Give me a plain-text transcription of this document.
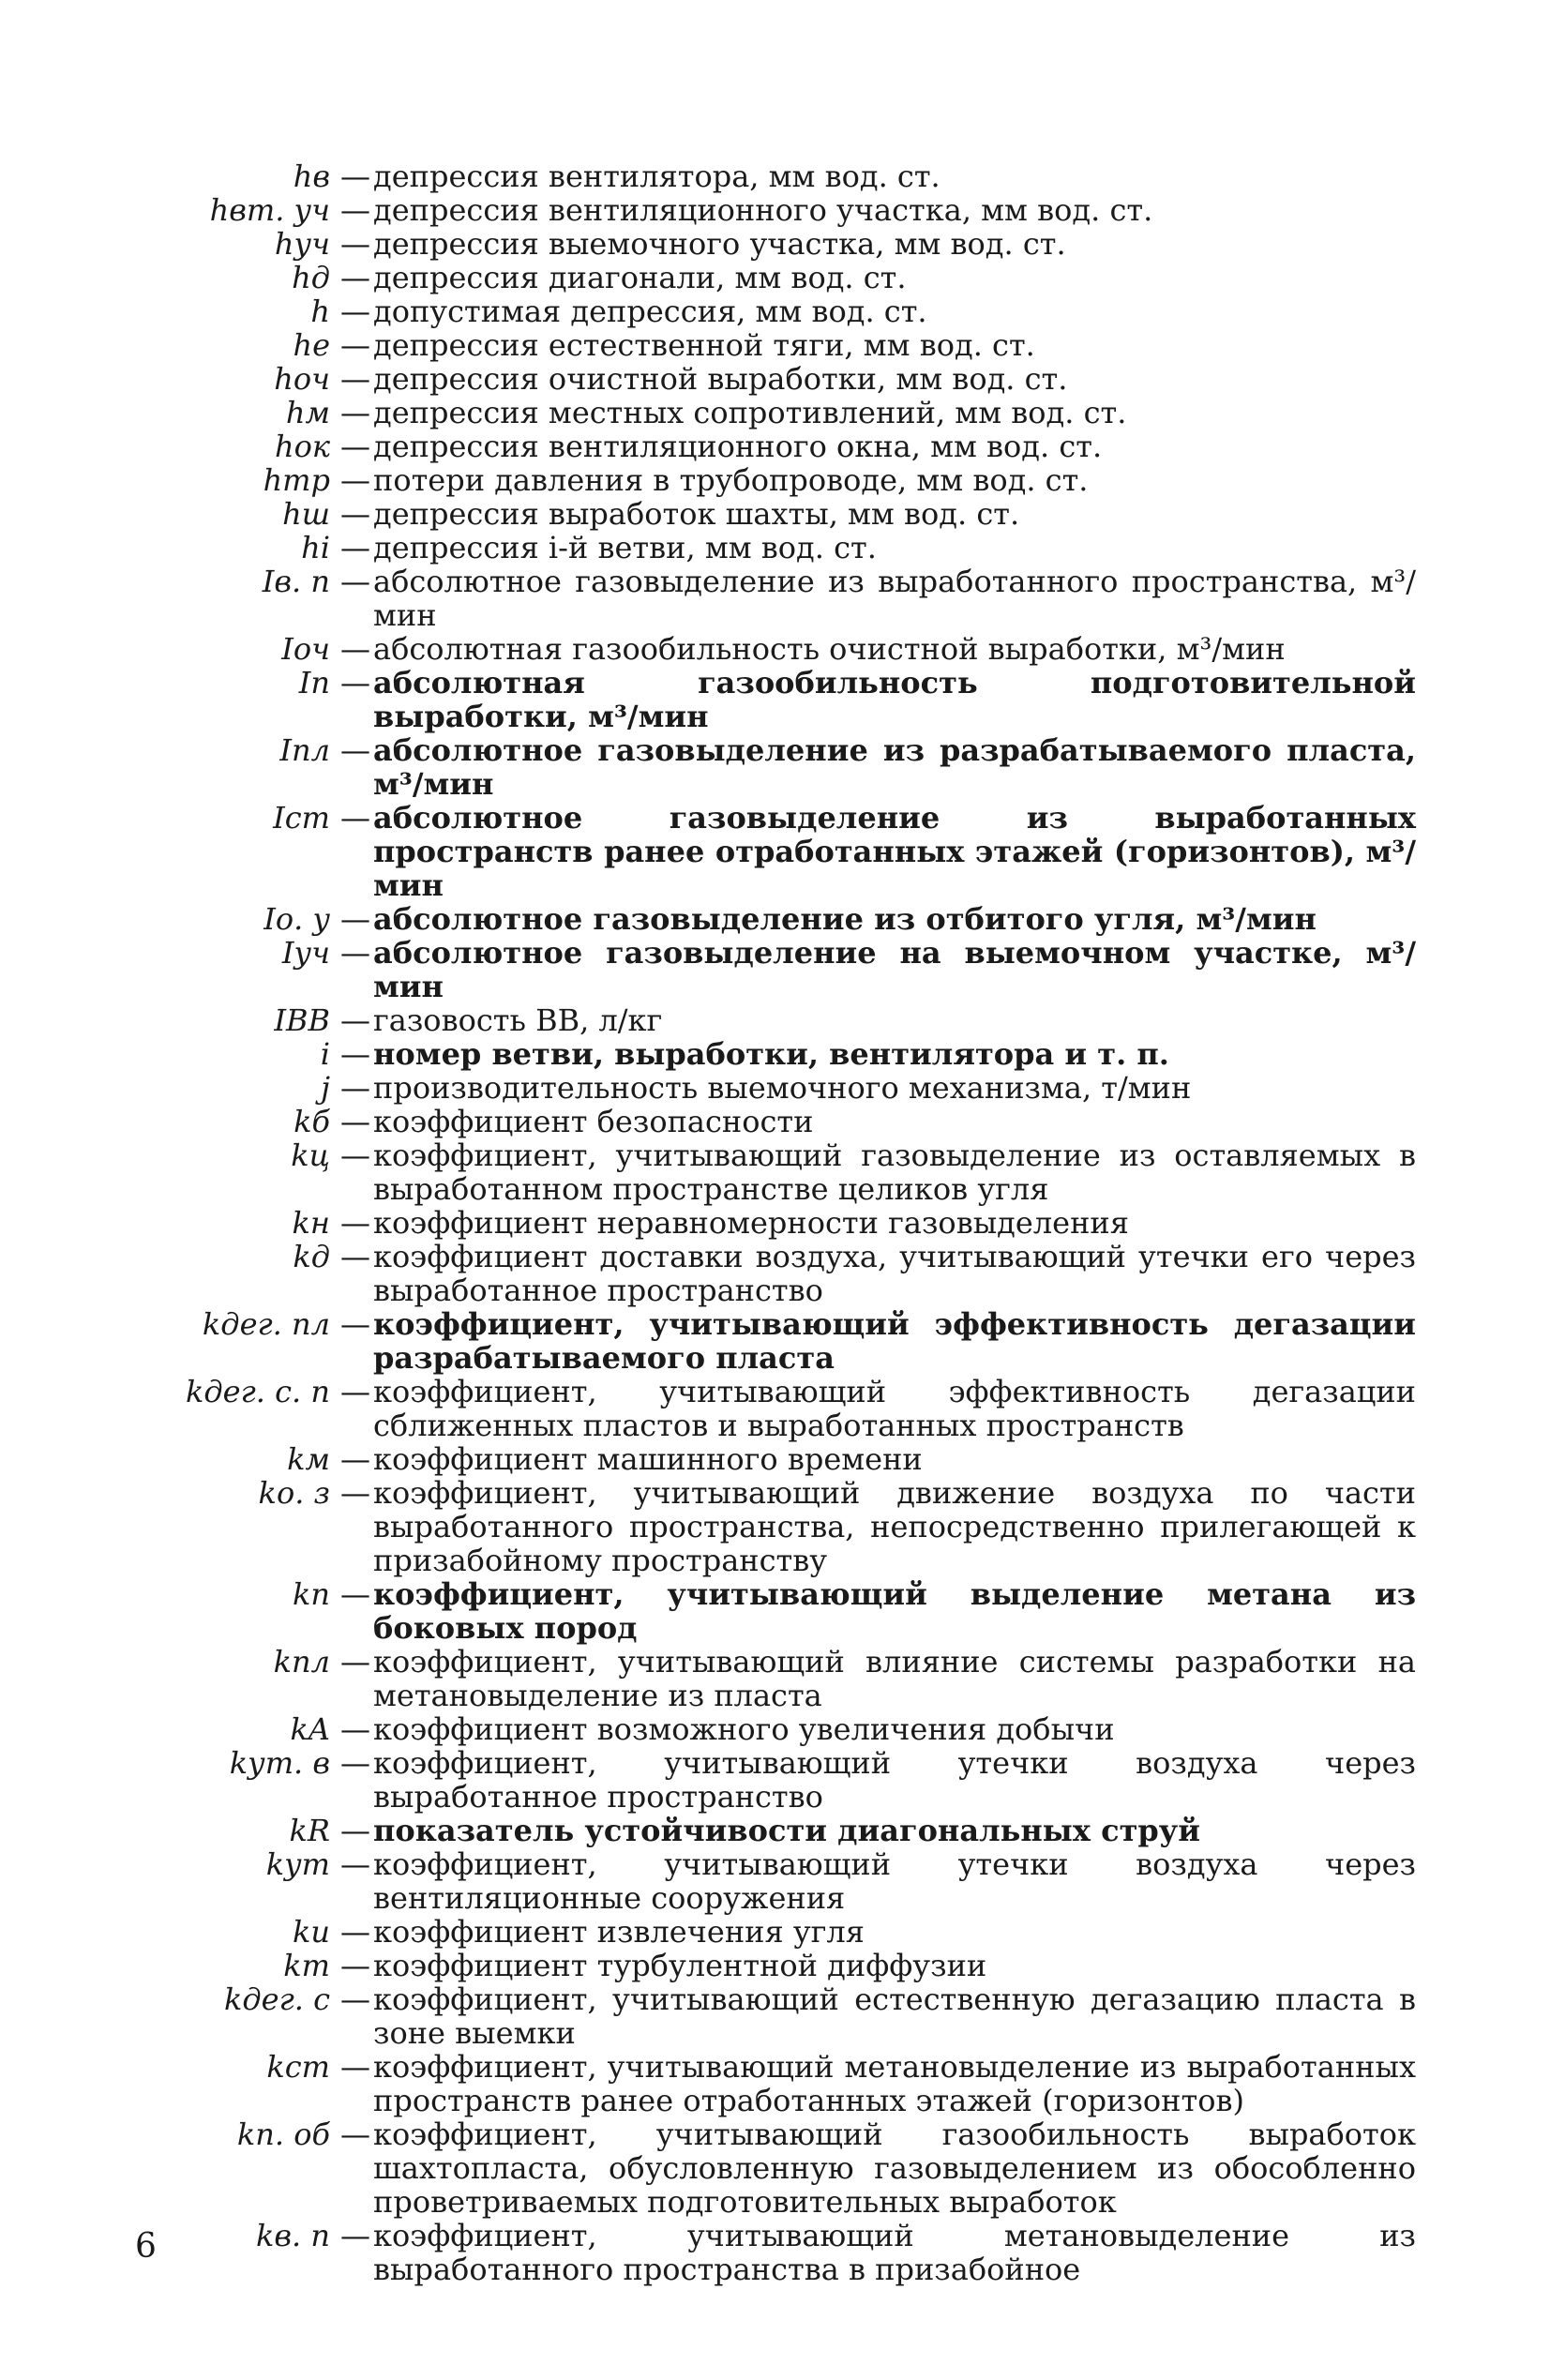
hв — депрессия вентилятора, мм вод. ст.
hвт. уч — депрессия вентиляционного участка, мм вод. ст.
hуч — депрессия выемочного участка, мм вод. ст.
hд — депрессия диагонали, мм вод. ст.
h — допустимая депрессия, мм вод. ст.
hе — депрессия естественной тяги, мм вод. ст.
hоч — депрессия очистной выработки, мм вод. ст.
hм — депрессия местных сопротивлений, мм вод. ст.
hок — депрессия вентиляционного окна, мм вод. ст.
hтр — потери давления в трубопроводе, мм вод. ст.
hш — депрессия выработок шахты, мм вод. ст.
hi — депрессия i-й ветви, мм вод. ст.
Iв. п — абсолютное газовыделение из выработанного пространства, м³/мин
Iоч — абсолютная газообильность очистной выработки, м³/мин
Iп — абсолютная газообильность подготовительной выработки, м³/мин
Iпл — абсолютное газовыделение из разрабатываемого пласта, м³/мин
Iст — абсолютное газовыделение из выработанных пространств ранее отработанных этажей (горизонтов), м³/мин
Iо. у — абсолютное газовыделение из отбитого угля, м³/мин
Iуч — абсолютное газовыделение на выемочном участке, м³/мин
IВВ — газовость ВВ, л/кг
i — номер ветви, выработки, вентилятора и т. п.
j — производительность выемочного механизма, т/мин
kб — коэффициент безопасности
kц — коэффициент, учитывающий газовыделение из оставляемых в выработанном пространстве целиков угля
kн — коэффициент неравномерности газовыделения
kд — коэффициент доставки воздуха, учитывающий утечки его через выработанное пространство
kдег. пл — коэффициент, учитывающий эффективность дегазации разрабатываемого пласта
kдег. с. п — коэффициент, учитывающий эффективность дегазации сближенных пластов и выработанных пространств
kм — коэффициент машинного времени
kо. з — коэффициент, учитывающий движение воздуха по части выработанного пространства, непосредственно прилегающей к призабойному пространству
kп — коэффициент, учитывающий выделение метана из боковых пород
kпл — коэффициент, учитывающий влияние системы разработки на метановыделение из пласта
kA — коэффициент возможного увеличения добычи
kут. в — коэффициент, учитывающий утечки воздуха через выработанное пространство
kR — показатель устойчивости диагональных струй
kут — коэффициент, учитывающий утечки воздуха через вентиляционные сооружения
kи — коэффициент извлечения угля
kт — коэффициент турбулентной диффузии
kдег. с — коэффициент, учитывающий естественную дегазацию пласта в зоне выемки
kст — коэффициент, учитывающий метановыделение из выработанных пространств ранее отработанных этажей (горизонтов)
kп. об — коэффициент, учитывающий газообильность выработок шахтопласта, обусловленную газовыделением из обособленно проветриваемых подготовительных выработок
kв. п — коэффициент, учитывающий метановыделение из выработанного пространства в призабойное
6
